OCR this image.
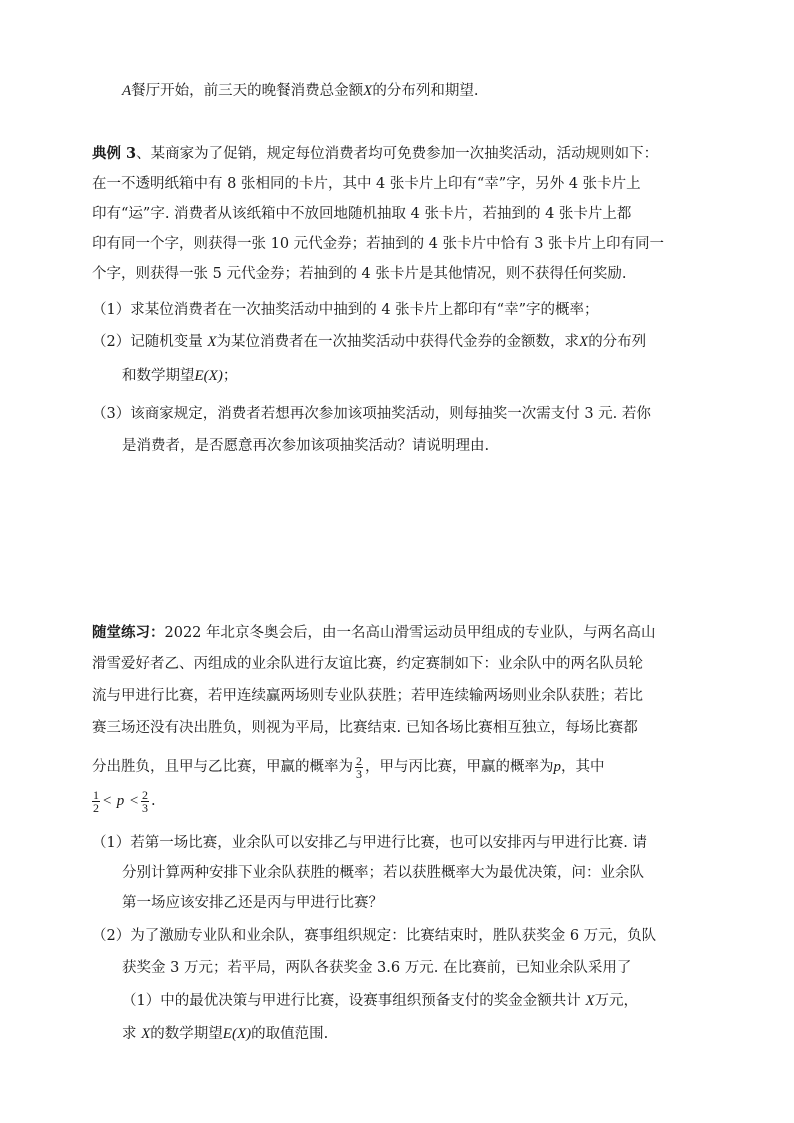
A餐厅开始，前三天的晚餐消费总金额X的分布列和期望.
典例 3、某商家为了促销，规定每位消费者均可免费参加一次抽奖活动，活动规则如下：
在一不透明纸箱中有 8 张相同的卡片，其中 4 张卡片上印有“幸”字，另外 4 张卡片上
印有“运”字. 消费者从该纸箱中不放回地随机抽取 4 张卡片，若抽到的 4 张卡片上都
印有同一个字，则获得一张 10 元代金券；若抽到的 4 张卡片中恰有 3 张卡片上印有同一
个字，则获得一张 5 元代金券；若抽到的 4 张卡片是其他情况，则不获得任何奖励.
（1）求某位消费者在一次抽奖活动中抽到的 4 张卡片上都印有“幸”字的概率；
（2）记随机变量 X为某位消费者在一次抽奖活动中获得代金券的金额数，求X的分布列
和数学期望E(X)；
（3）该商家规定，消费者若想再次参加该项抽奖活动，则每抽奖一次需支付 3 元. 若你
是消费者，是否愿意再次参加该项抽奖活动？请说明理由.
随堂练习：2022 年北京冬奥会后，由一名高山滑雪运动员甲组成的专业队，与两名高山
滑雪爱好者乙、丙组成的业余队进行友谊比赛，约定赛制如下：业余队中的两名队员轮
流与甲进行比赛，若甲连续赢两场则专业队获胜；若甲连续输两场则业余队获胜；若比
赛三场还没有决出胜负，则视为平局，比赛结束. 已知各场比赛相互独立，每场比赛都
分出胜负，且甲与乙比赛，甲赢的概率为 $\frac{2}{3}$ ，甲与丙比赛，甲赢的概率为p，其中
$\frac{1}{2} < p < \frac{2}{3}$ .
（1）若第一场比赛，业余队可以安排乙与甲进行比赛，也可以安排丙与甲进行比赛. 请
分别计算两种安排下业余队获胜的概率；若以获胜概率大为最优决策，问：业余队
第一场应该安排乙还是丙与甲进行比赛？
（2）为了激励专业队和业余队，赛事组织规定：比赛结束时，胜队获奖金 6 万元，负队
获奖金 3 万元；若平局，两队各获奖金 3.6 万元. 在比赛前，已知业余队采用了
（1）中的最优决策与甲进行比赛，设赛事组织预备支付的奖金金额共计 X万元，
求 X的数学期望E(X)的取值范围.
